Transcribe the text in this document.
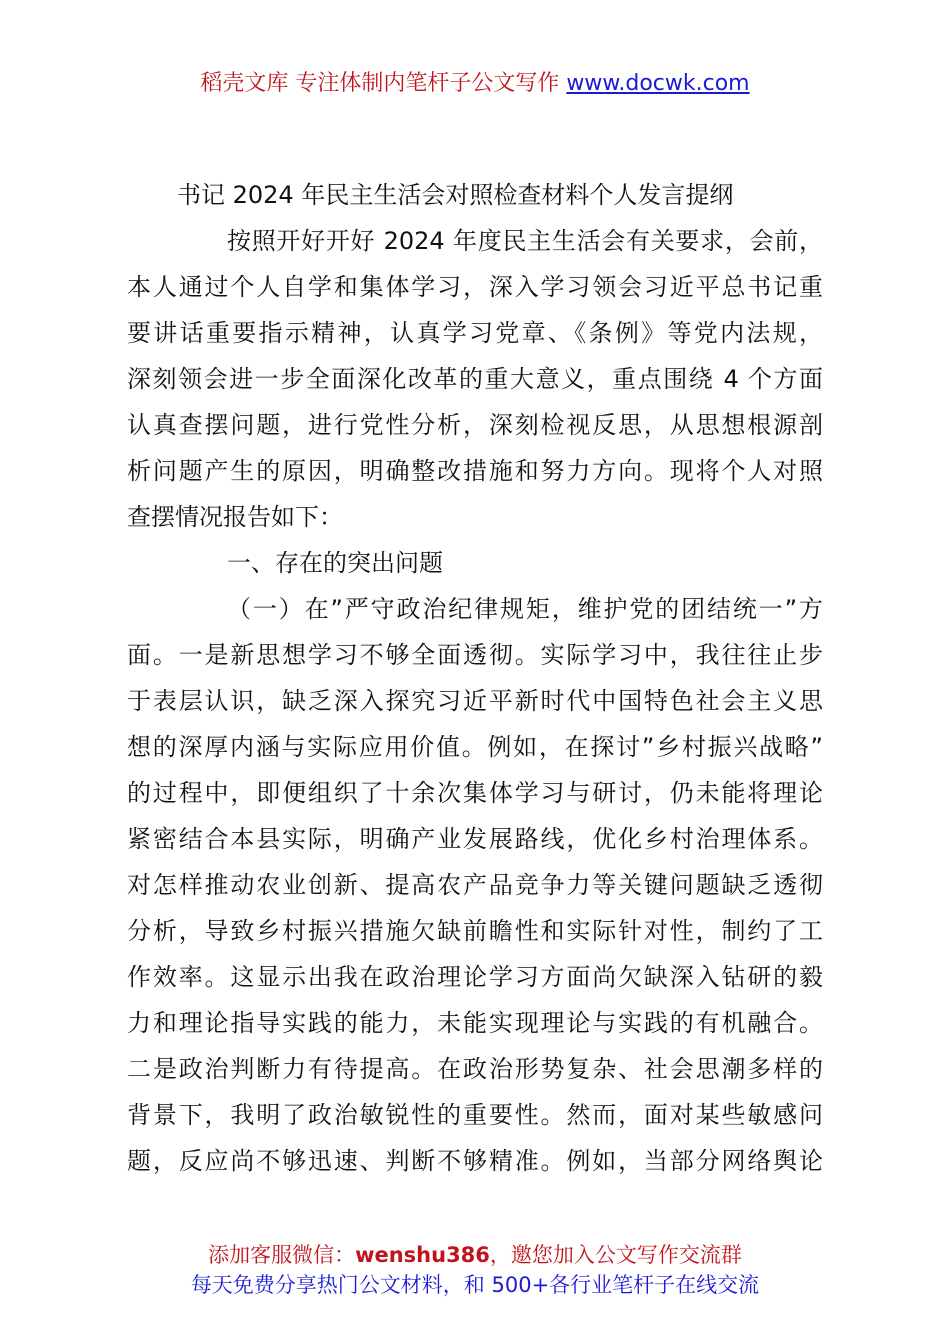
稻壳文库 专注体制内笔杆子公文写作 www.docwk.com
书记 2024 年民主生活会对照检查材料个人发言提纲
按照开好开好 2024 年度民主生活会有关要求，会前，
本人通过个人自学和集体学习，深入学习领会习近平总书记重
要讲话重要指示精神，认真学习党章、《条例》等党内法规，
深刻领会进一步全面深化改革的重大意义，重点围绕 4 个方面
认真查摆问题，进行党性分析，深刻检视反思，从思想根源剖
析问题产生的原因，明确整改措施和努力方向。现将个人对照
查摆情况报告如下：
一、存在的突出问题
（一）在”严守政治纪律规矩，维护党的团结统一”方
面。一是新思想学习不够全面透彻。实际学习中，我往往止步
于表层认识，缺乏深入探究习近平新时代中国特色社会主义思
想的深厚内涵与实际应用价值。例如，在探讨”乡村振兴战略”
的过程中，即便组织了十余次集体学习与研讨，仍未能将理论
紧密结合本县实际，明确产业发展路线，优化乡村治理体系。
对怎样推动农业创新、提高农产品竞争力等关键问题缺乏透彻
分析，导致乡村振兴措施欠缺前瞻性和实际针对性，制约了工
作效率。这显示出我在政治理论学习方面尚欠缺深入钻研的毅
力和理论指导实践的能力，未能实现理论与实践的有机融合。
二是政治判断力有待提高。在政治形势复杂、社会思潮多样的
背景下，我明了政治敏锐性的重要性。然而，面对某些敏感问
题，反应尚不够迅速、判断不够精准。例如，当部分网络舆论
添加客服微信：wenshu386，邀您加入公文写作交流群
每天免费分享热门公文材料，和 500+各行业笔杆子在线交流
